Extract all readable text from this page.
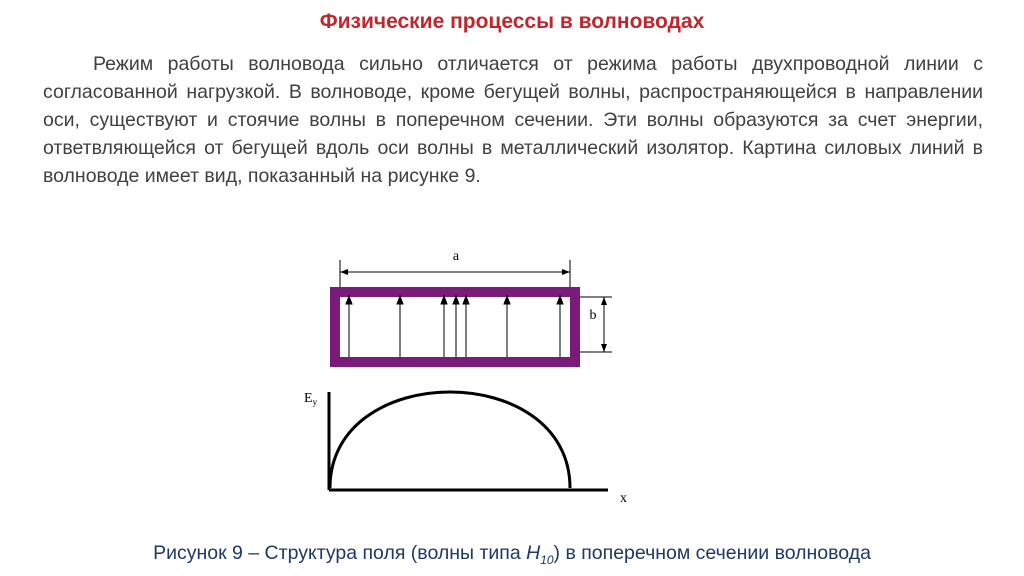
Физические процессы в волноводах
Режим работы волновода сильно отличается от режима работы двухпроводной линии с согласованной нагрузкой. В волноводе, кроме бегущей волны, распространяющейся в направлении оси, существуют и стоячие волны в поперечном сечении. Эти волны образуются за счет энергии, ответвляющейся от бегущей вдоль оси волны в металлический изолятор. Картина силовых линий в волноводе имеет вид, показанный на рисунке 9.
a
b
$E_y$
x
Рисунок 9 – Структура поля (волны типа $H_{10}$) в поперечном сечении волновода
